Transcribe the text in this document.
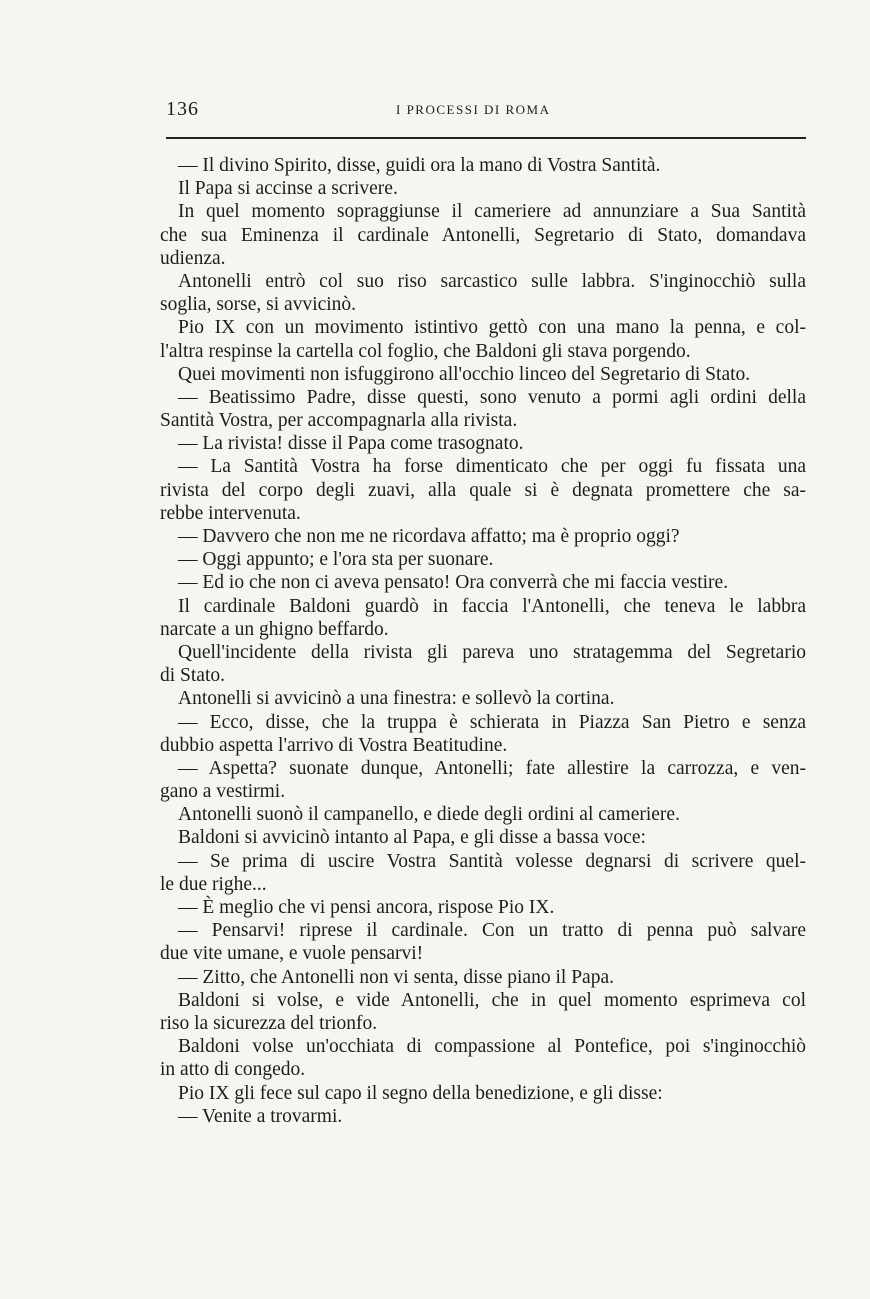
136	I PROCESSI DI ROMA
— Il divino Spirito, disse, guidi ora la mano di Vostra Santità.
Il Papa si accinse a scrivere.
In quel momento sopraggiunse il cameriere ad annunziare a Sua Santità
che sua Eminenza il cardinale Antonelli, Segretario di Stato, domandava
udienza.
Antonelli entrò col suo riso sarcastico sulle labbra. S'inginocchiò sulla
soglia, sorse, si avvicinò.
Pio IX con un movimento istintivo gettò con una mano la penna, e col-
l'altra respinse la cartella col foglio, che Baldoni gli stava porgendo.
Quei movimenti non isfuggirono all'occhio linceo del Segretario di Stato.
— Beatissimo Padre, disse questi, sono venuto a pormi agli ordini della
Santità Vostra, per accompagnarla alla rivista.
— La rivista! disse il Papa come trasognato.
— La Santità Vostra ha forse dimenticato che per oggi fu fissata una
rivista del corpo degli zuavi, alla quale si è degnata promettere che sa-
rebbe intervenuta.
— Davvero che non me ne ricordava affatto; ma è proprio oggi?
— Oggi appunto; e l'ora sta per suonare.
— Ed io che non ci aveva pensato! Ora converrà che mi faccia vestire.
Il cardinale Baldoni guardò in faccia l'Antonelli, che teneva le labbra
narcate a un ghigno beffardo.
Quell'incidente della rivista gli pareva uno stratagemma del Segretario
di Stato.
Antonelli si avvicinò a una finestra: e sollevò la cortina.
— Ecco, disse, che la truppa è schierata in Piazza San Pietro e senza
dubbio aspetta l'arrivo di Vostra Beatitudine.
— Aspetta? suonate dunque, Antonelli; fate allestire la carrozza, e ven-
gano a vestirmi.
Antonelli suonò il campanello, e diede degli ordini al cameriere.
Baldoni si avvicinò intanto al Papa, e gli disse a bassa voce:
— Se prima di uscire Vostra Santità volesse degnarsi di scrivere quel-
le due righe...
— È meglio che vi pensi ancora, rispose Pio IX.
— Pensarvi! riprese il cardinale. Con un tratto di penna può salvare
due vite umane, e vuole pensarvi!
— Zitto, che Antonelli non vi senta, disse piano il Papa.
Baldoni si volse, e vide Antonelli, che in quel momento esprimeva col
riso la sicurezza del trionfo.
Baldoni volse un'occhiata di compassione al Pontefice, poi s'inginocchiò
in atto di congedo.
Pio IX gli fece sul capo il segno della benedizione, e gli disse:
— Venite a trovarmi.
